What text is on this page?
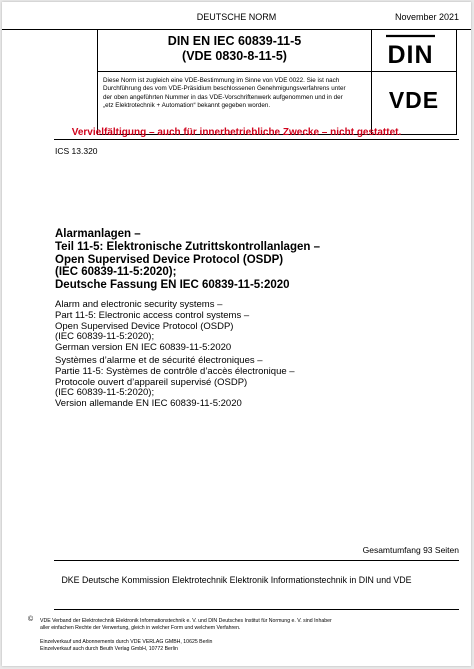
DEUTSCHE NORM	November 2021
DIN EN IEC 60839-11-5
(VDE 0830-8-11-5)	DIN
Diese Norm ist zugleich eine VDE-Bestimmung im Sinne von VDE 0022. Sie ist nach
Durchführung des vom VDE-Präsidium beschlossenen Genehmigungsverfahrens unter
der oben angeführten Nummer in das VDE-Vorschriftenwerk aufgenommen und in der
„etz Elektrotechnik + Automation“ bekannt gegeben worden.	VDE
Vervielfältigung – auch für innerbetriebliche Zwecke – nicht gestattet.
ICS 13.320
Alarmanlagen –
Teil 11-5: Elektronische Zutrittskontrollanlagen –
Open Supervised Device Protocol (OSDP)
(IEC 60839-11-5:2020);
Deutsche Fassung EN IEC 60839-11-5:2020
Alarm and electronic security systems –
Part 11-5: Electronic access control systems –
Open Supervised Device Protocol (OSDP)
(IEC 60839-11-5:2020);
German version EN IEC 60839-11-5:2020
Systèmes d’alarme et de sécurité électroniques –
Partie 11-5: Systèmes de contrôle d’accès électronique –
Protocole ouvert d’appareil supervisé (OSDP)
(IEC 60839-11-5:2020);
Version allemande EN IEC 60839-11-5:2020
Gesamtumfang 93 Seiten
DKE Deutsche Kommission Elektrotechnik Elektronik Informationstechnik in DIN und VDE
© VDE Verband der Elektrotechnik Elektronik Informationstechnik e. V. und DIN Deutsches Institut für Normung e. V. sind Inhaber
aller einfachen Rechte der Verwertung, gleich in welcher Form und welchem Verfahren.
Einzelverkauf und Abonnements durch VDE VERLAG GMBH, 10625 Berlin
Einzelverkauf auch durch Beuth Verlag GmbH, 10772 Berlin
